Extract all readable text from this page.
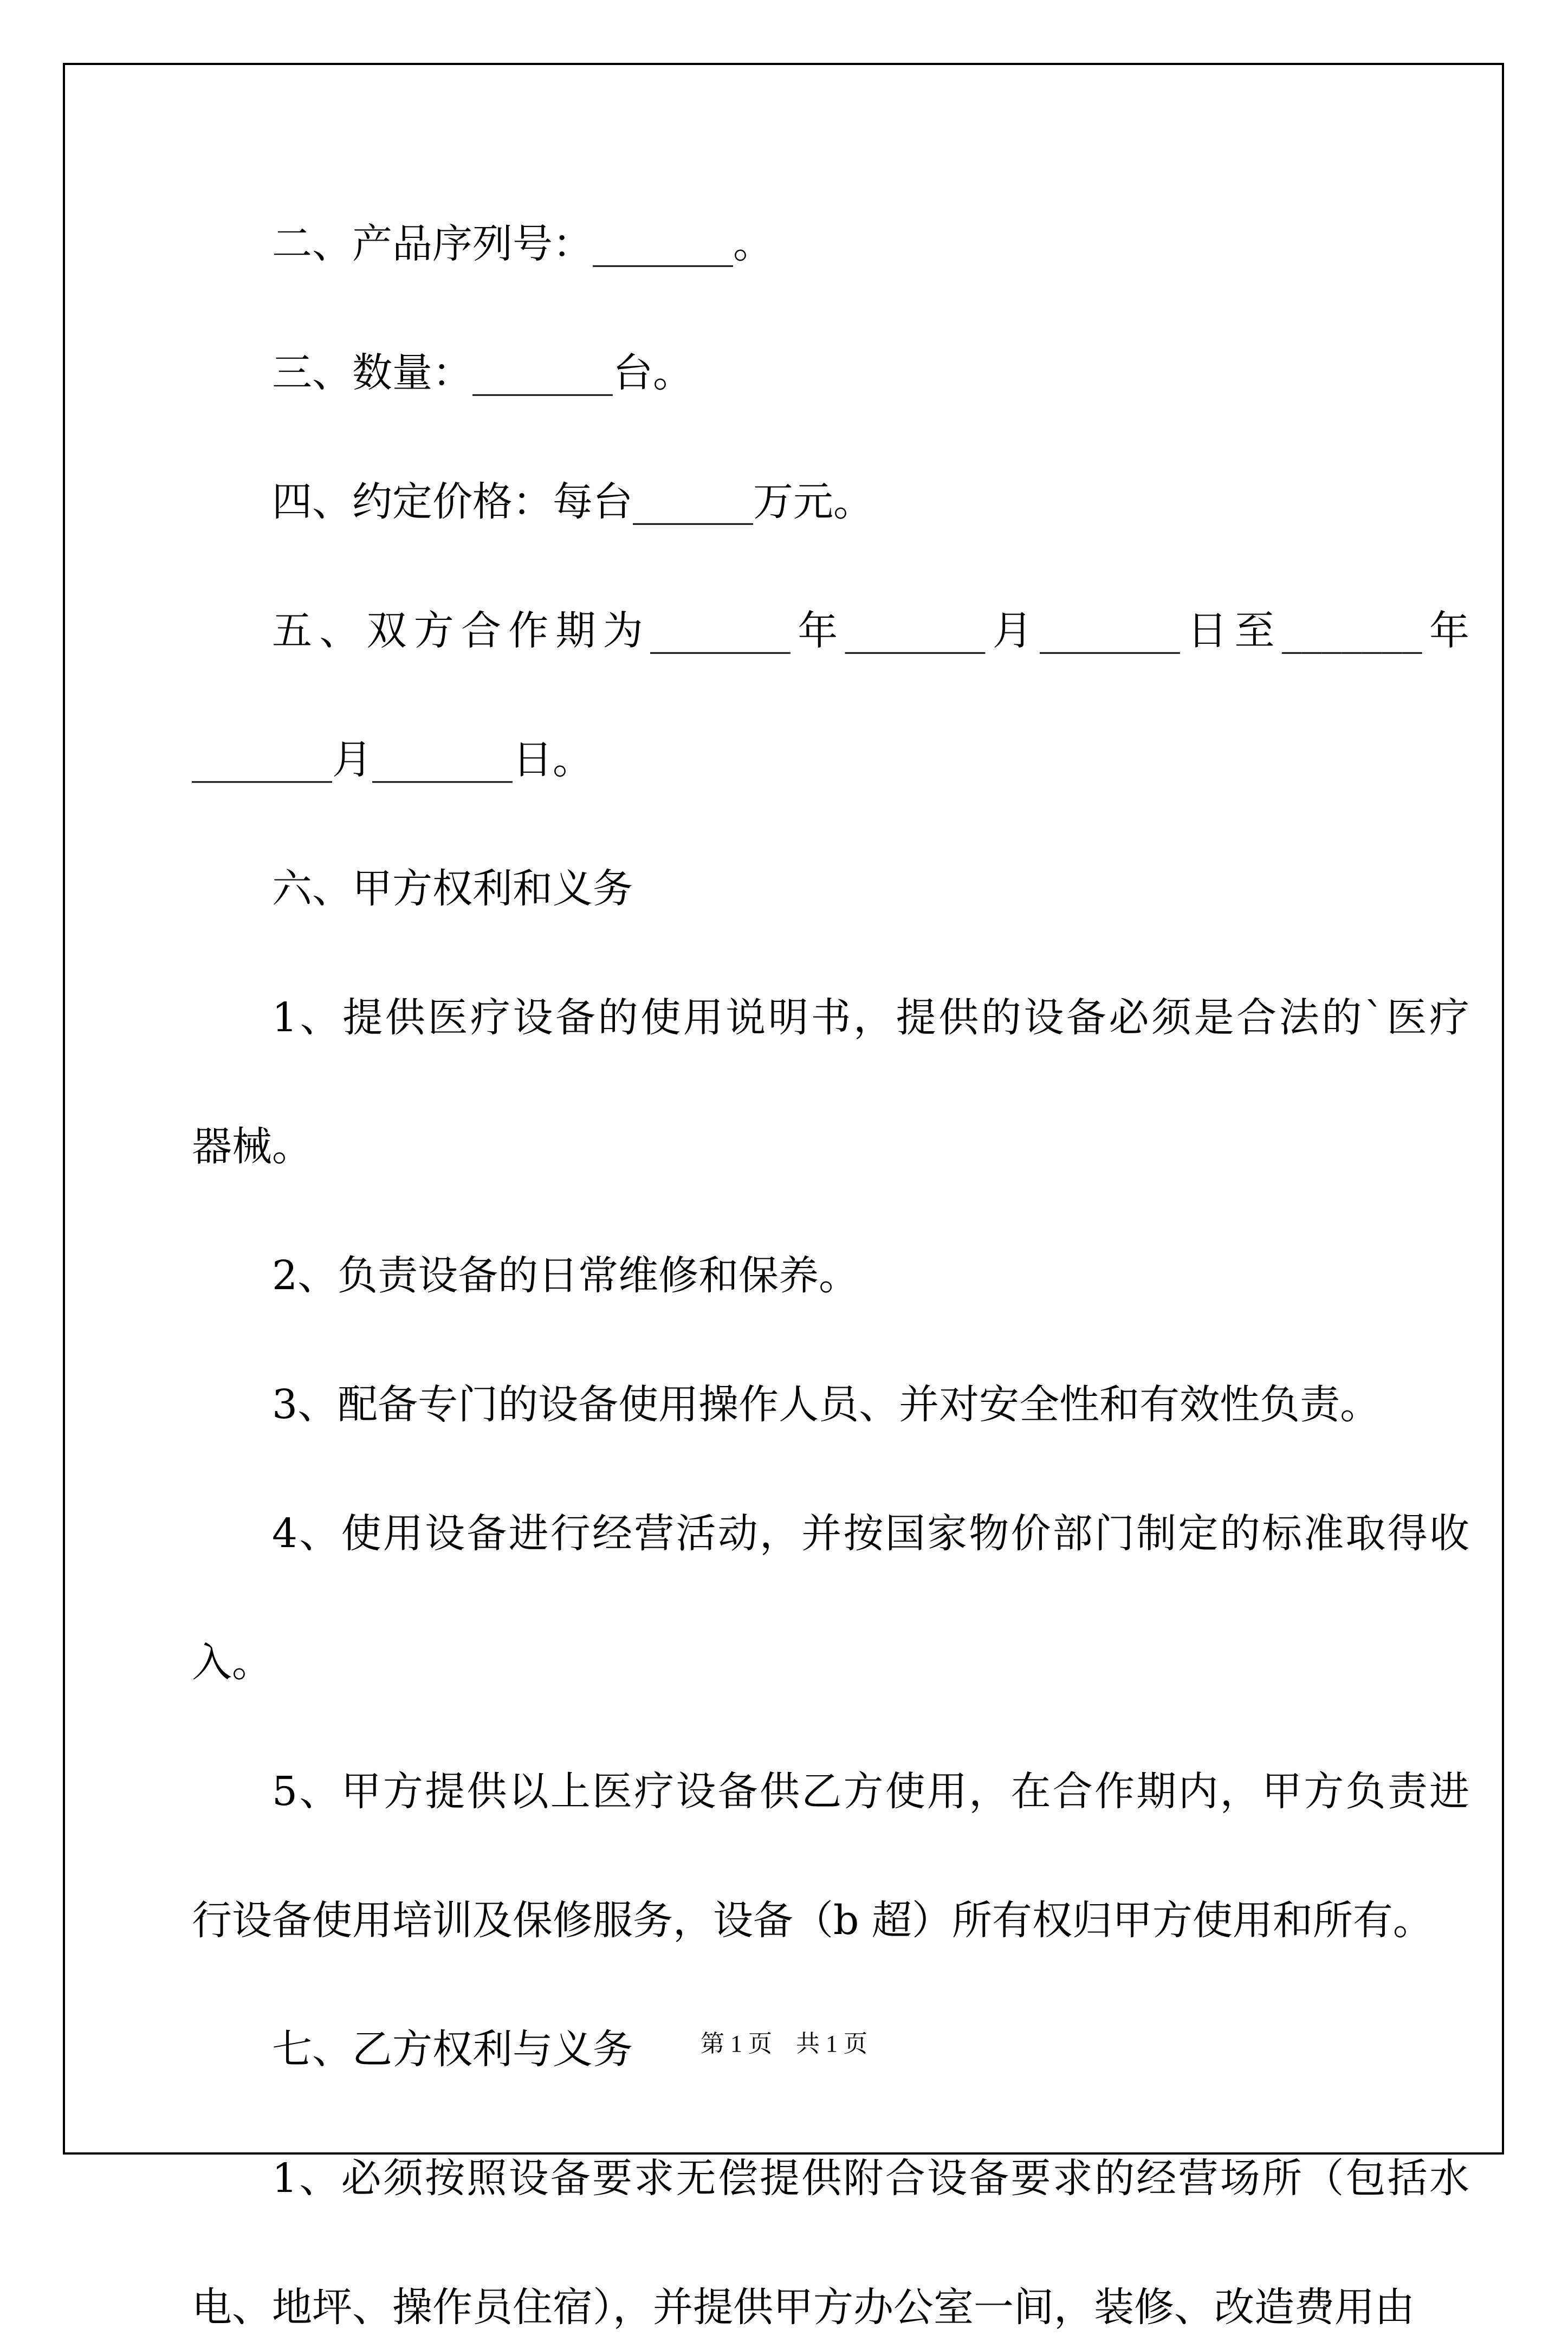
二、产品序列号：_______。
三、数量：_______台。
四、约定价格：每台______万元。
五、双方合作期为_______年_______月_______日至_______年
_______月_______日。
六、甲方权利和义务
1、提供医疗设备的使用说明书，提供的设备必须是合法的`医疗
器械。
2、负责设备的日常维修和保养。
3、配备专门的设备使用操作人员、并对安全性和有效性负责。
4、使用设备进行经营活动，并按国家物价部门制定的标准取得收
入。
5、甲方提供以上医疗设备供乙方使用，在合作期内，甲方负责进
行设备使用培训及保修服务，设备（b 超）所有权归甲方使用和所有。
七、乙方权利与义务
1、必须按照设备要求无偿提供附合设备要求的经营场所（包括水
电、地坪、操作员住宿），并提供甲方办公室一间，装修、改造费用由
第 1 页　共 1 页
